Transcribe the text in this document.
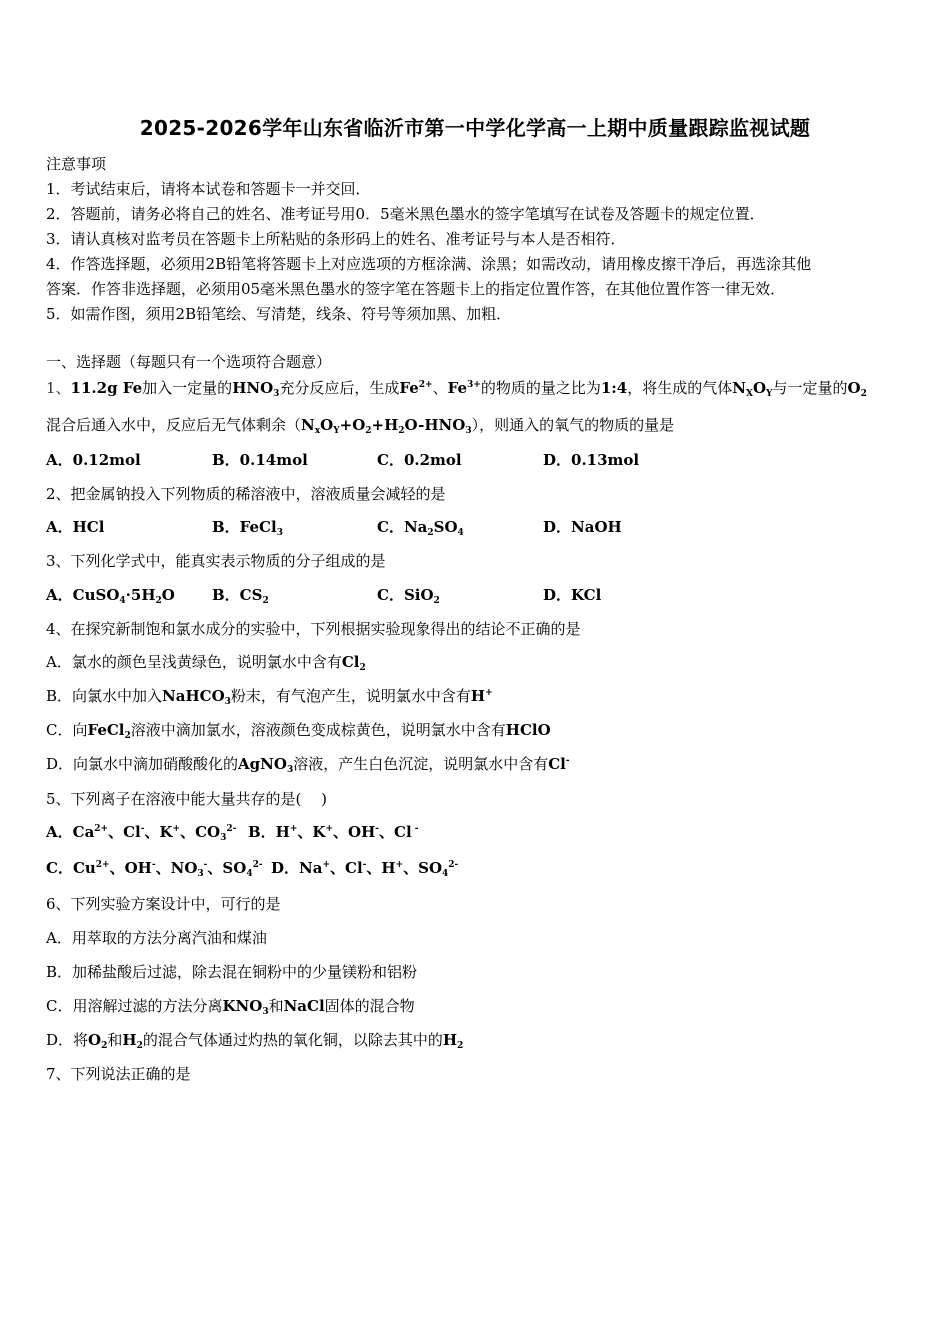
2025-2026学年山东省临沂市第一中学化学高一上期中质量跟踪监视试题
注意事项
1．考试结束后，请将本试卷和答题卡一并交回．
2．答题前，请务必将自己的姓名、准考证号用0．5毫米黑色墨水的签字笔填写在试卷及答题卡的规定位置．
3．请认真核对监考员在答题卡上所粘贴的条形码上的姓名、准考证号与本人是否相符．
4．作答选择题，必须用2B铅笔将答题卡上对应选项的方框涂满、涂黑；如需改动，请用橡皮擦干净后，再选涂其他
答案．作答非选择题，必须用05毫米黑色墨水的签字笔在答题卡上的指定位置作答，在其他位置作答一律无效．
5．如需作图，须用2B铅笔绘、写清楚，线条、符号等须加黑、加粗．
一、选择题（每题只有一个选项符合题意）
1、11.2g Fe加入一定量的$HNO_3$充分反应后，生成$Fe^{2+}$、$Fe^{3+}$的物质的量之比为1:4，将生成的气体$N_XO_Y$与一定量的$O_2$
混合后通入水中，反应后无气体剩余$(N_xO_Y+O_2+H_2O-HNO_3)$，则通入的氧气的物质的量是
A．0.12mol	B．0.14mol	C．0.2mol	D．0.13mol
2、把金属钠投入下列物质的稀溶液中，溶液质量会减轻的是
A．HCl	B．FeCl$_3$	C．$Na_2SO_4$	D．NaOH
3、下列化学式中，能真实表示物质的分子组成的是
A．$CuSO_4\cdot 5H_2O$ B．$CS_2$	C．SiO$_2$	D．KCl
4、在探究新制饱和氯水成分的实验中，下列根据实验现象得出的结论不正确的是
A．氯水的颜色呈浅黄绿色，说明氯水中含有$Cl_2$
B．向氯水中加入NaHCO$_3$粉末，有气泡产生，说明氯水中含有H+
C．向FeCl$_2$溶液中滴加氯水，溶液颜色变成棕黄色，说明氯水中含有HClO
D．向氯水中滴加硝酸酸化的AgNO$_3$溶液，产生白色沉淀，说明氯水中含有Cl-
5、下列离子在溶液中能大量共存的是(　 )
A．$Ca^{2+}$、Cl-、K+、$CO_3^{2-}$ B．H+、K+、OH-、Cl -
C．$Cu^{2+}$、OH-、$NO_3^-$、$SO_4^{2-}$ D．Na+、Cl-、H+、$SO_4^{2-}$
6、下列实验方案设计中，可行的是
A．用萃取的方法分离汽油和煤油
B．加稀盐酸后过滤，除去混在铜粉中的少量镁粉和铝粉
C．用溶解过滤的方法分离$KNO_3$和NaCl固体的混合物
D．将$O_2$和$H_2$的混合气体通过灼热的氧化铜，以除去其中的$H_2$
7、下列说法正确的是
